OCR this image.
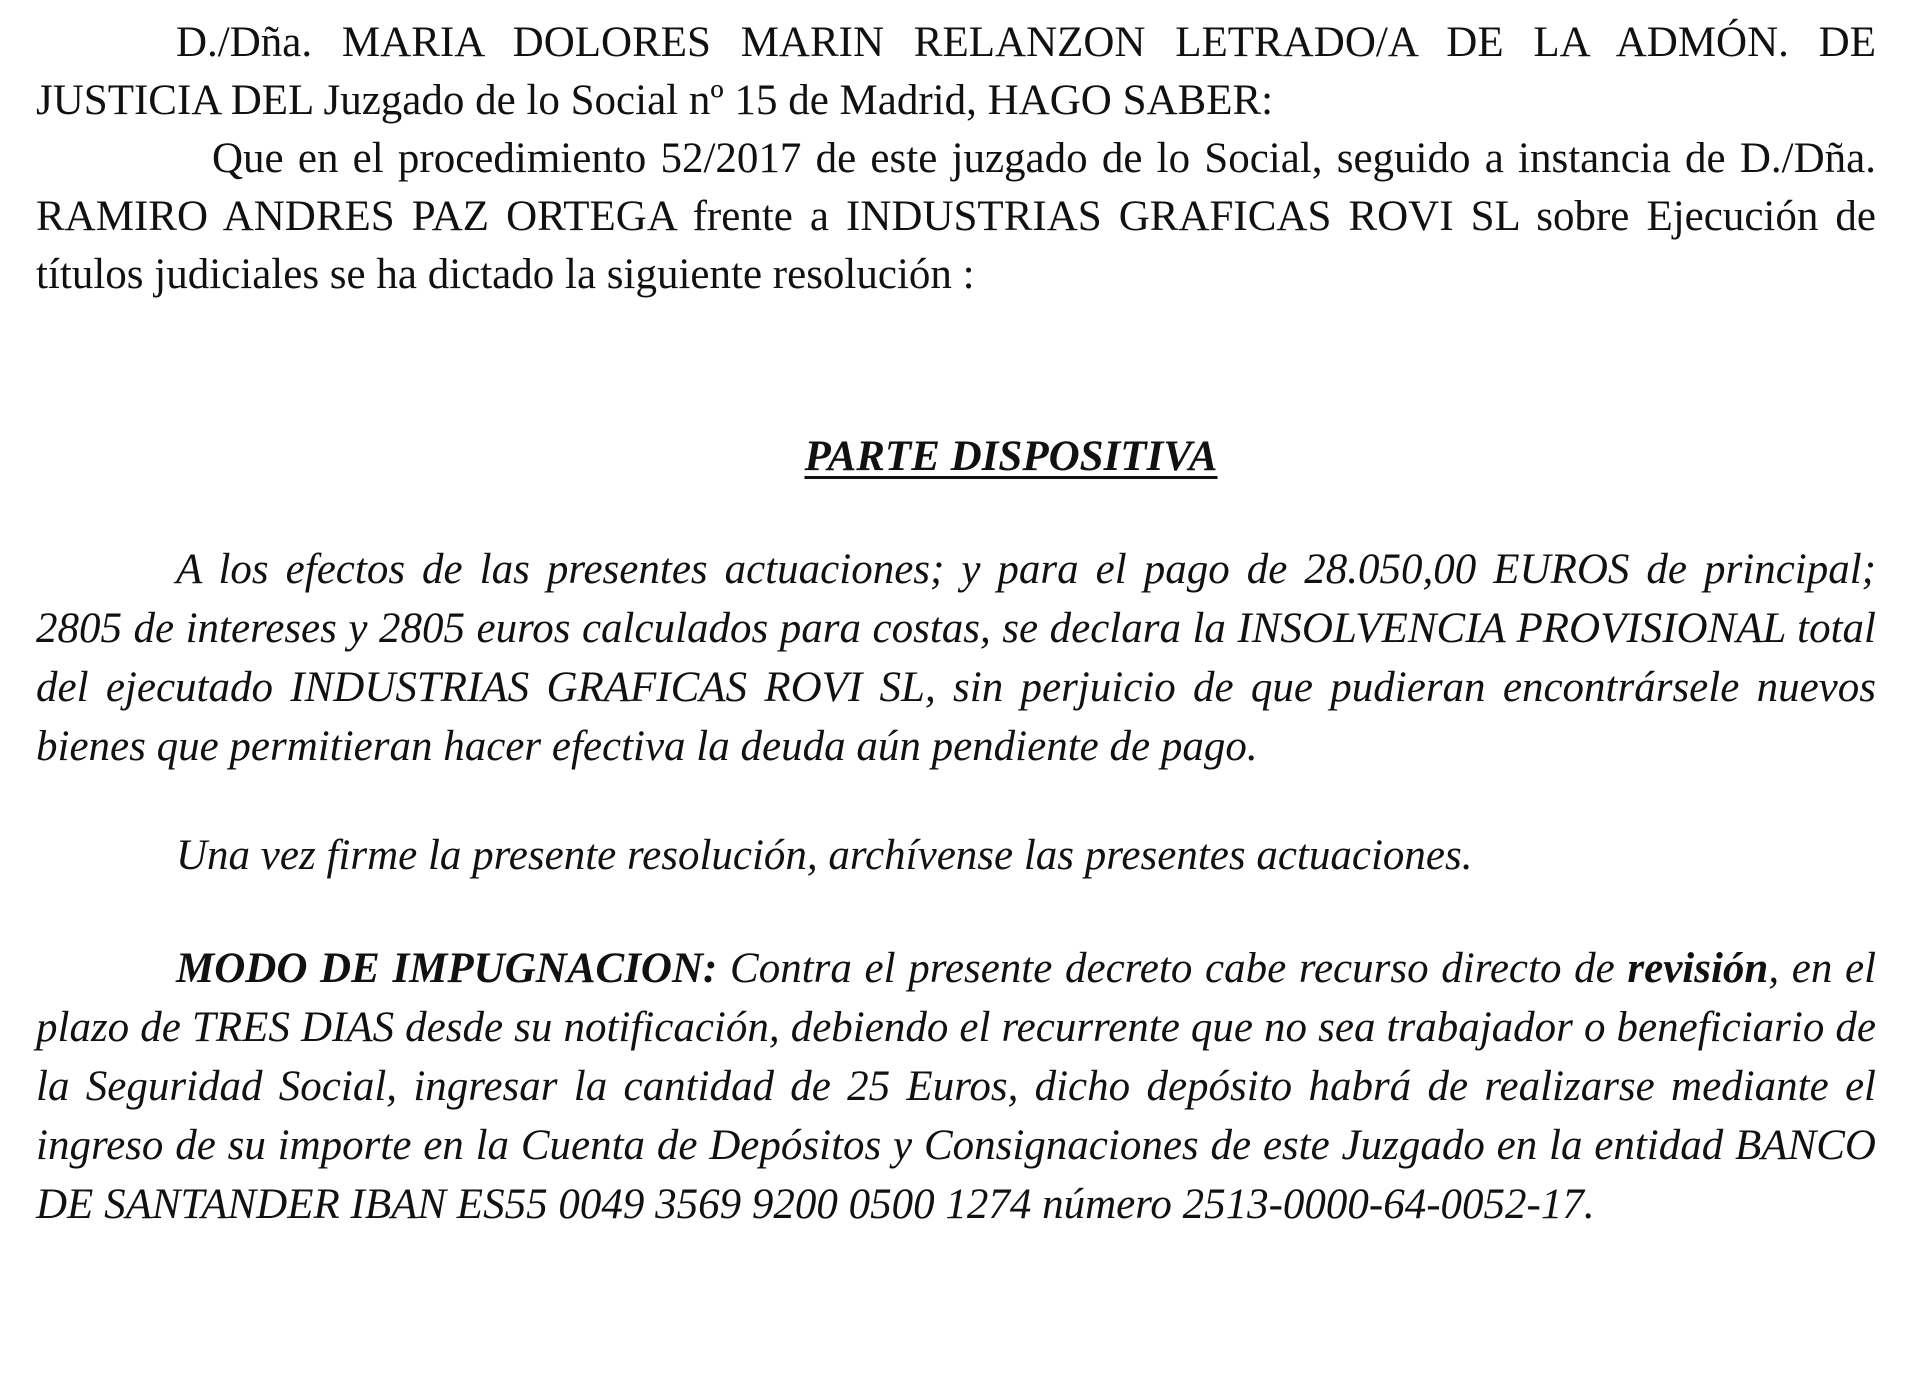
D./Dña. MARIA DOLORES MARIN RELANZON LETRADO/A DE LA ADMÓN. DE JUSTICIA DEL Juzgado de lo Social nº 15 de Madrid, HAGO SABER:

Que en el procedimiento 52/2017 de este juzgado de lo Social, seguido a instancia de D./Dña. RAMIRO ANDRES PAZ ORTEGA frente a INDUSTRIAS GRAFICAS ROVI SL sobre Ejecución de títulos judiciales se ha dictado la siguiente resolución :

PARTE DISPOSITIVA

A los efectos de las presentes actuaciones; y para el pago de 28.050,00 EUROS de principal; 2805 de intereses y 2805 euros calculados para costas, se declara la INSOLVENCIA PROVISIONAL total del ejecutado INDUSTRIAS GRAFICAS ROVI SL, sin perjuicio de que pudieran encontrársele nuevos bienes que permitieran hacer efectiva la deuda aún pendiente de pago.

Una vez firme la presente resolución, archívense las presentes actuaciones.

MODO DE IMPUGNACION: Contra el presente decreto cabe recurso directo de revisión, en el plazo de TRES DIAS desde su notificación, debiendo el recurrente que no sea trabajador o beneficiario de la Seguridad Social, ingresar la cantidad de 25 Euros, dicho depósito habrá de realizarse mediante el ingreso de su importe en la Cuenta de Depósitos y Consignaciones de este Juzgado en la entidad BANCO DE SANTANDER IBAN ES55 0049 3569 9200 0500 1274 número 2513-0000-64-0052-17.
